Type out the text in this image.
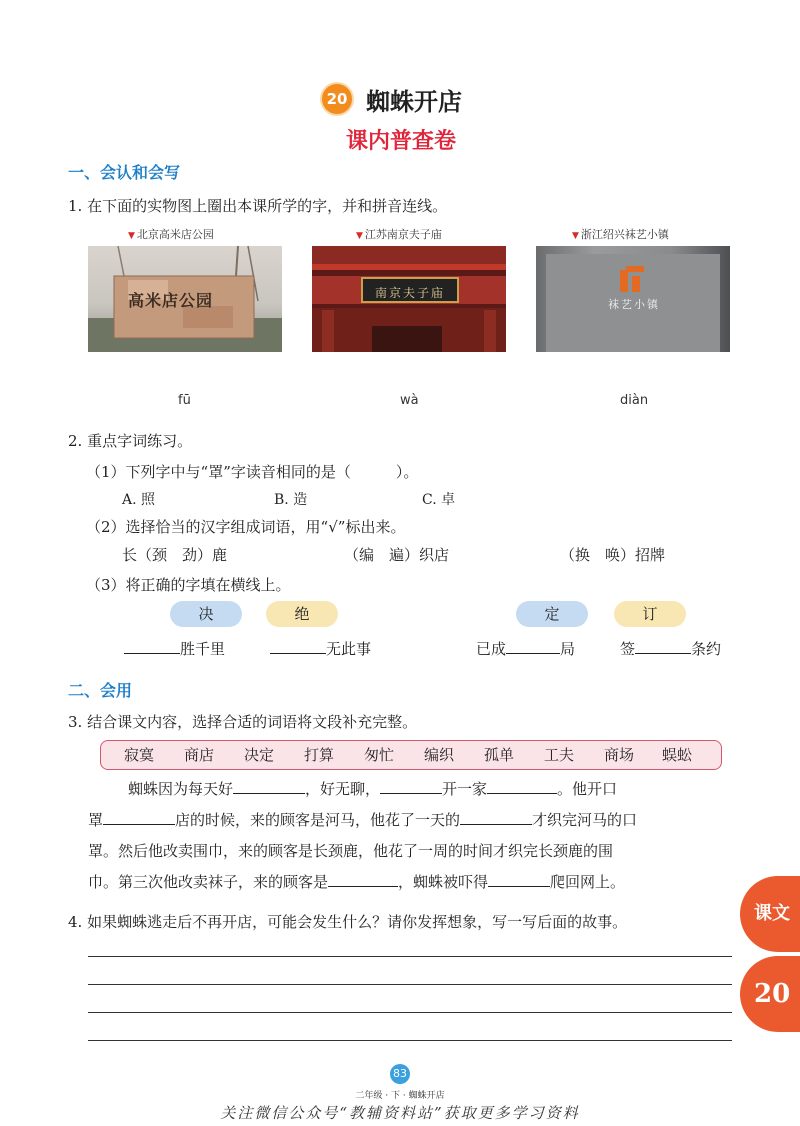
20 蜘蛛开店
课内普查卷
一、会认和会写
1. 在下面的实物图上圈出本课所学的字，并和拼音连线。
▼ 北京高米店公园	▼ 江苏南京夫子庙	▼ 浙江绍兴袜艺小镇
高米店公园	南京夫子庙
袜艺小镇
fū	wà	diàn
2. 重点字词练习。
（1）下列字中与“罩”字读音相同的是（　　　）。
A. 照	B. 造	C. 卓
（2）选择恰当的汉字组成词语，用“√”标出来。
长（颈　劲）鹿	（编　遍）织店	（换　唤）招牌
（3）将正确的字填在横线上。
决	绝	定	订
胜千里	无此事	已成	局	签	条约
二、会用
3. 结合课文内容，选择合适的词语将文段补充完整。
寂寞 商店 决定 打算 匆忙 编织 孤单 工夫 商场 蜈蚣
蜘蛛因为每天好	，好无聊，	开一家	。他开口
罩	店的时候，来的顾客是河马，他花了一天的	才织完河马的口
罩。然后他改卖围巾，来的顾客是长颈鹿，他花了一周的时间才织完长颈鹿的围
巾。第三次他改卖袜子，来的顾客是	，蜘蛛被吓得	爬回网上。
4. 如果蜘蛛逃走后不再开店，可能会发生什么？请你发挥想象，写一写后面的故事。	课文
20
83
二年级 · 下 · 蜘蛛开店
关注微信公众号“教辅资料站”获取更多学习资料
